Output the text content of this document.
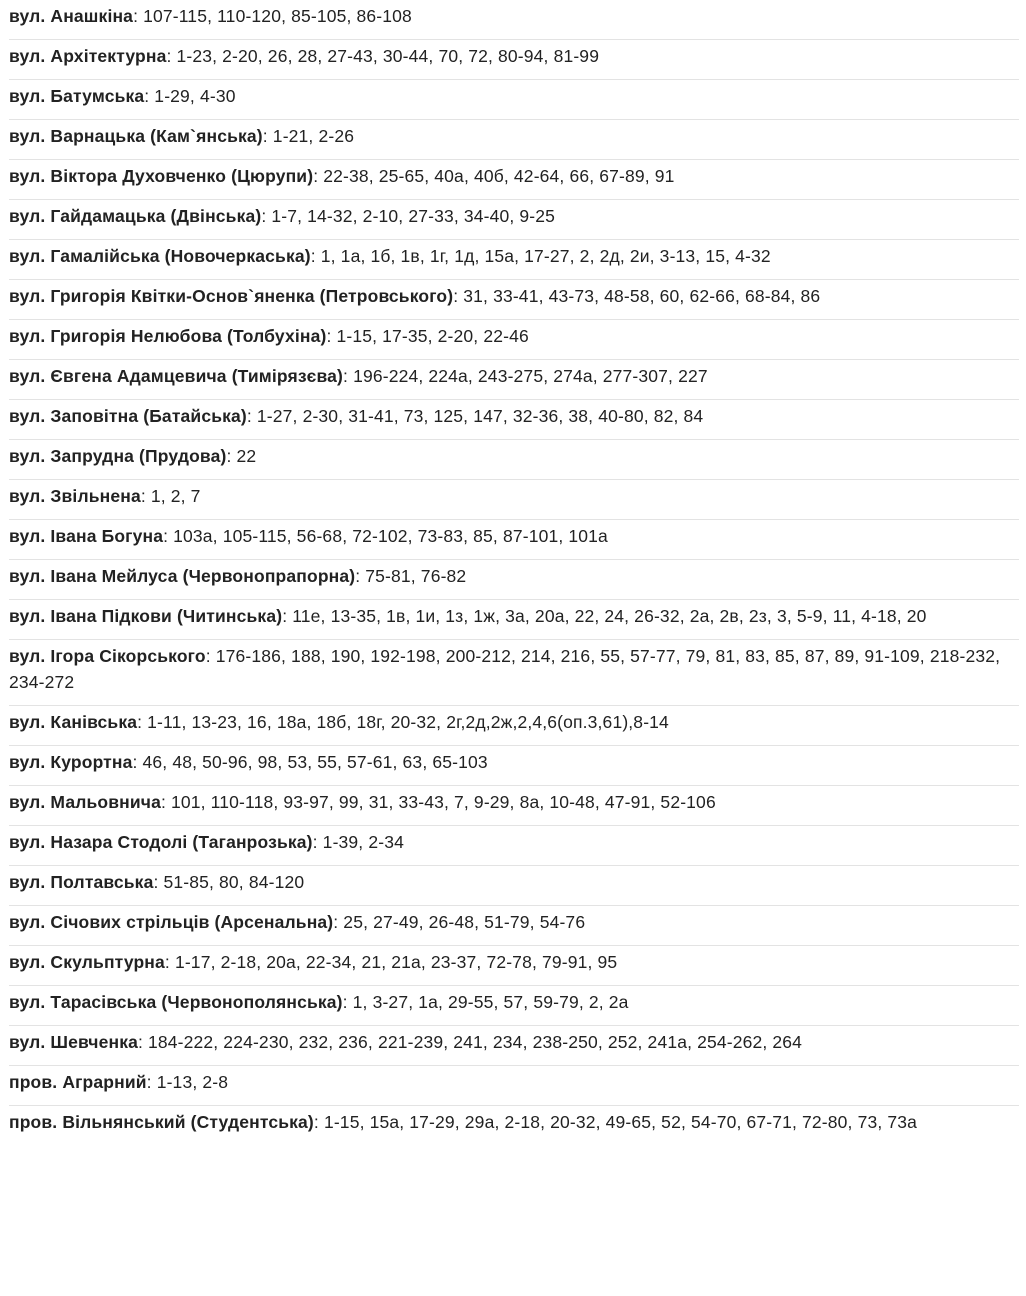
вул. Анашкіна: 107-115, 110-120, 85-105, 86-108
вул. Архітектурна: 1-23, 2-20, 26, 28, 27-43, 30-44, 70, 72, 80-94, 81-99
вул. Батумська: 1-29, 4-30
вул. Варнацька (Кам`янська): 1-21, 2-26
вул. Віктора Духовченко (Цюрупи): 22-38, 25-65, 40а, 40б, 42-64, 66, 67-89, 91
вул. Гайдамацька (Двінська): 1-7, 14-32, 2-10, 27-33, 34-40, 9-25
вул. Гамалійська (Новочеркаська): 1, 1а, 1б, 1в, 1г, 1д, 15а, 17-27, 2, 2д, 2и, 3-13, 15, 4-32
вул. Григорія Квітки-Основ`яненка (Петровського): 31, 33-41, 43-73, 48-58, 60, 62-66, 68-84, 86
вул. Григорія Нелюбова (Толбухіна): 1-15, 17-35, 2-20, 22-46
вул. Євгена Адамцевича (Тимірязєва): 196-224, 224а, 243-275, 274а, 277-307, 227
вул. Заповітна (Батайська): 1-27, 2-30, 31-41, 73, 125, 147, 32-36, 38, 40-80, 82, 84
вул. Запрудна (Прудова): 22
вул. Звільнена: 1, 2, 7
вул. Івана Богуна: 103а, 105-115, 56-68, 72-102, 73-83, 85, 87-101, 101а
вул. Івана Мейлуса (Червонопрапорна): 75-81, 76-82
вул. Івана Підкови (Читинська): 11е, 13-35, 1в, 1и, 1з, 1ж, 3а, 20а, 22, 24, 26-32, 2а, 2в, 2з, 3, 5-9, 11, 4-18, 20
вул. Ігора Сікорського: 176-186, 188, 190, 192-198, 200-212, 214, 216, 55, 57-77, 79, 81, 83, 85, 87, 89, 91-109, 218-232, 234-272
вул. Канівська: 1-11, 13-23, 16, 18а, 18б, 18г, 20-32, 2г,2д,2ж,2,4,6(оп.3,61),8-14
вул. Курортна: 46, 48, 50-96, 98, 53, 55, 57-61, 63, 65-103
вул. Мальовнича: 101, 110-118, 93-97, 99, 31, 33-43, 7, 9-29, 8а, 10-48, 47-91, 52-106
вул. Назара Стодолі (Таганрозька): 1-39, 2-34
вул. Полтавська: 51-85, 80, 84-120
вул. Січових стрільців (Арсенальна): 25, 27-49, 26-48, 51-79, 54-76
вул. Скульптурна: 1-17, 2-18, 20а, 22-34, 21, 21а, 23-37, 72-78, 79-91, 95
вул. Тарасівська (Червонополянська): 1, 3-27, 1а, 29-55, 57, 59-79, 2, 2а
вул. Шевченка: 184-222, 224-230, 232, 236, 221-239, 241, 234, 238-250, 252, 241а, 254-262, 264
пров. Аграрний: 1-13, 2-8
пров. Вільнянський (Студентська): 1-15, 15а, 17-29, 29а, 2-18, 20-32, 49-65, 52, 54-70, 67-71, 72-80, 73, 73а
